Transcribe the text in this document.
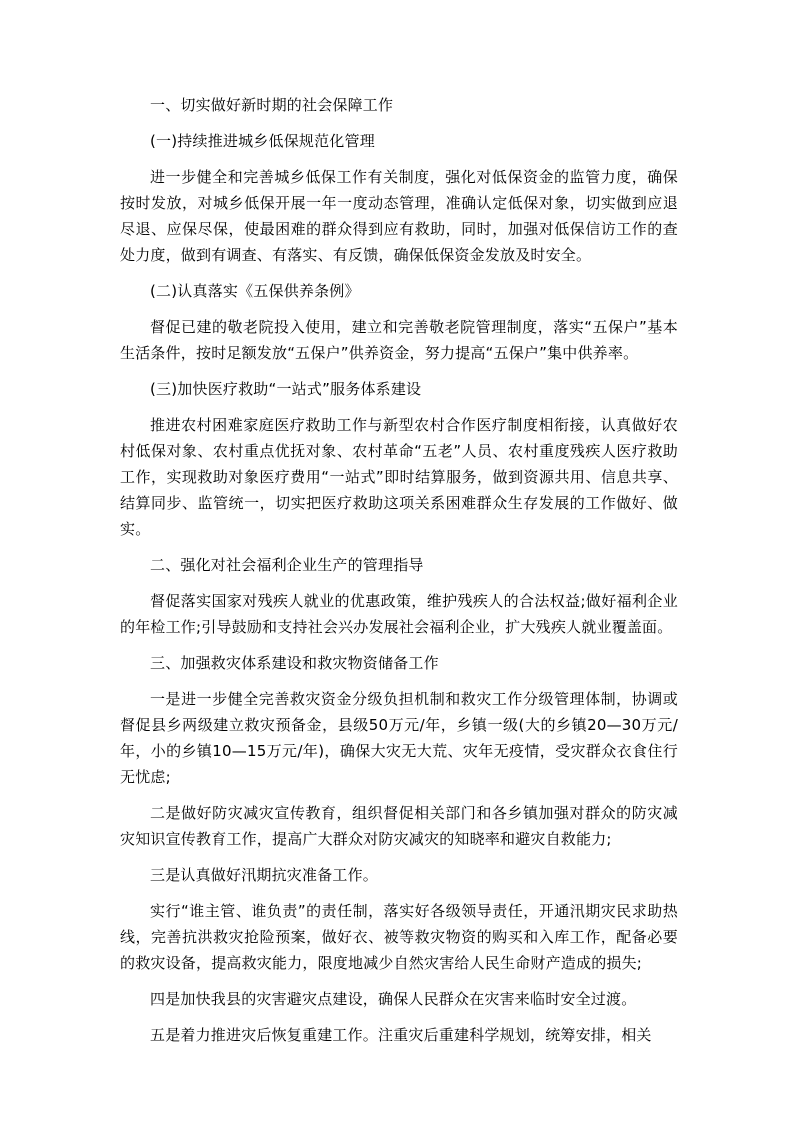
一、切实做好新时期的社会保障工作

(一)持续推进城乡低保规范化管理

进一步健全和完善城乡低保工作有关制度，强化对低保资金的监管力度，确保按时发放，对城乡低保开展一年一度动态管理，准确认定低保对象，切实做到应退尽退、应保尽保，使最困难的群众得到应有救助，同时，加强对低保信访工作的查处力度，做到有调查、有落实、有反馈，确保低保资金发放及时安全。

(二)认真落实《五保供养条例》

督促已建的敬老院投入使用，建立和完善敬老院管理制度，落实“五保户”基本生活条件，按时足额发放“五保户”供养资金，努力提高“五保户”集中供养率。

(三)加快医疗救助“一站式”服务体系建设

推进农村困难家庭医疗救助工作与新型农村合作医疗制度相衔接，认真做好农村低保对象、农村重点优抚对象、农村革命“五老”人员、农村重度残疾人医疗救助工作，实现救助对象医疗费用“一站式”即时结算服务，做到资源共用、信息共享、结算同步、监管统一，切实把医疗救助这项关系困难群众生存发展的工作做好、做实。

二、强化对社会福利企业生产的管理指导

督促落实国家对残疾人就业的优惠政策，维护残疾人的合法权益;做好福利企业的年检工作;引导鼓励和支持社会兴办发展社会福利企业，扩大残疾人就业覆盖面。

三、加强救灾体系建设和救灾物资储备工作

一是进一步健全完善救灾资金分级负担机制和救灾工作分级管理体制，协调或督促县乡两级建立救灾预备金，县级50万元/年，乡镇一级(大的乡镇20—30万元/年，小的乡镇10—15万元/年)，确保大灾无大荒、灾年无疫情，受灾群众衣食住行无忧虑;

二是做好防灾减灾宣传教育，组织督促相关部门和各乡镇加强对群众的防灾减灾知识宣传教育工作，提高广大群众对防灾减灾的知晓率和避灾自救能力;

三是认真做好汛期抗灾准备工作。

实行“谁主管、谁负责”的责任制，落实好各级领导责任，开通汛期灾民求助热线，完善抗洪救灾抢险预案，做好衣、被等救灾物资的购买和入库工作，配备必要的救灾设备，提高救灾能力，限度地减少自然灾害给人民生命财产造成的损失;

四是加快我县的灾害避灾点建设，确保人民群众在灾害来临时安全过渡。

五是着力推进灾后恢复重建工作。注重灾后重建科学规划，统筹安排，相关
